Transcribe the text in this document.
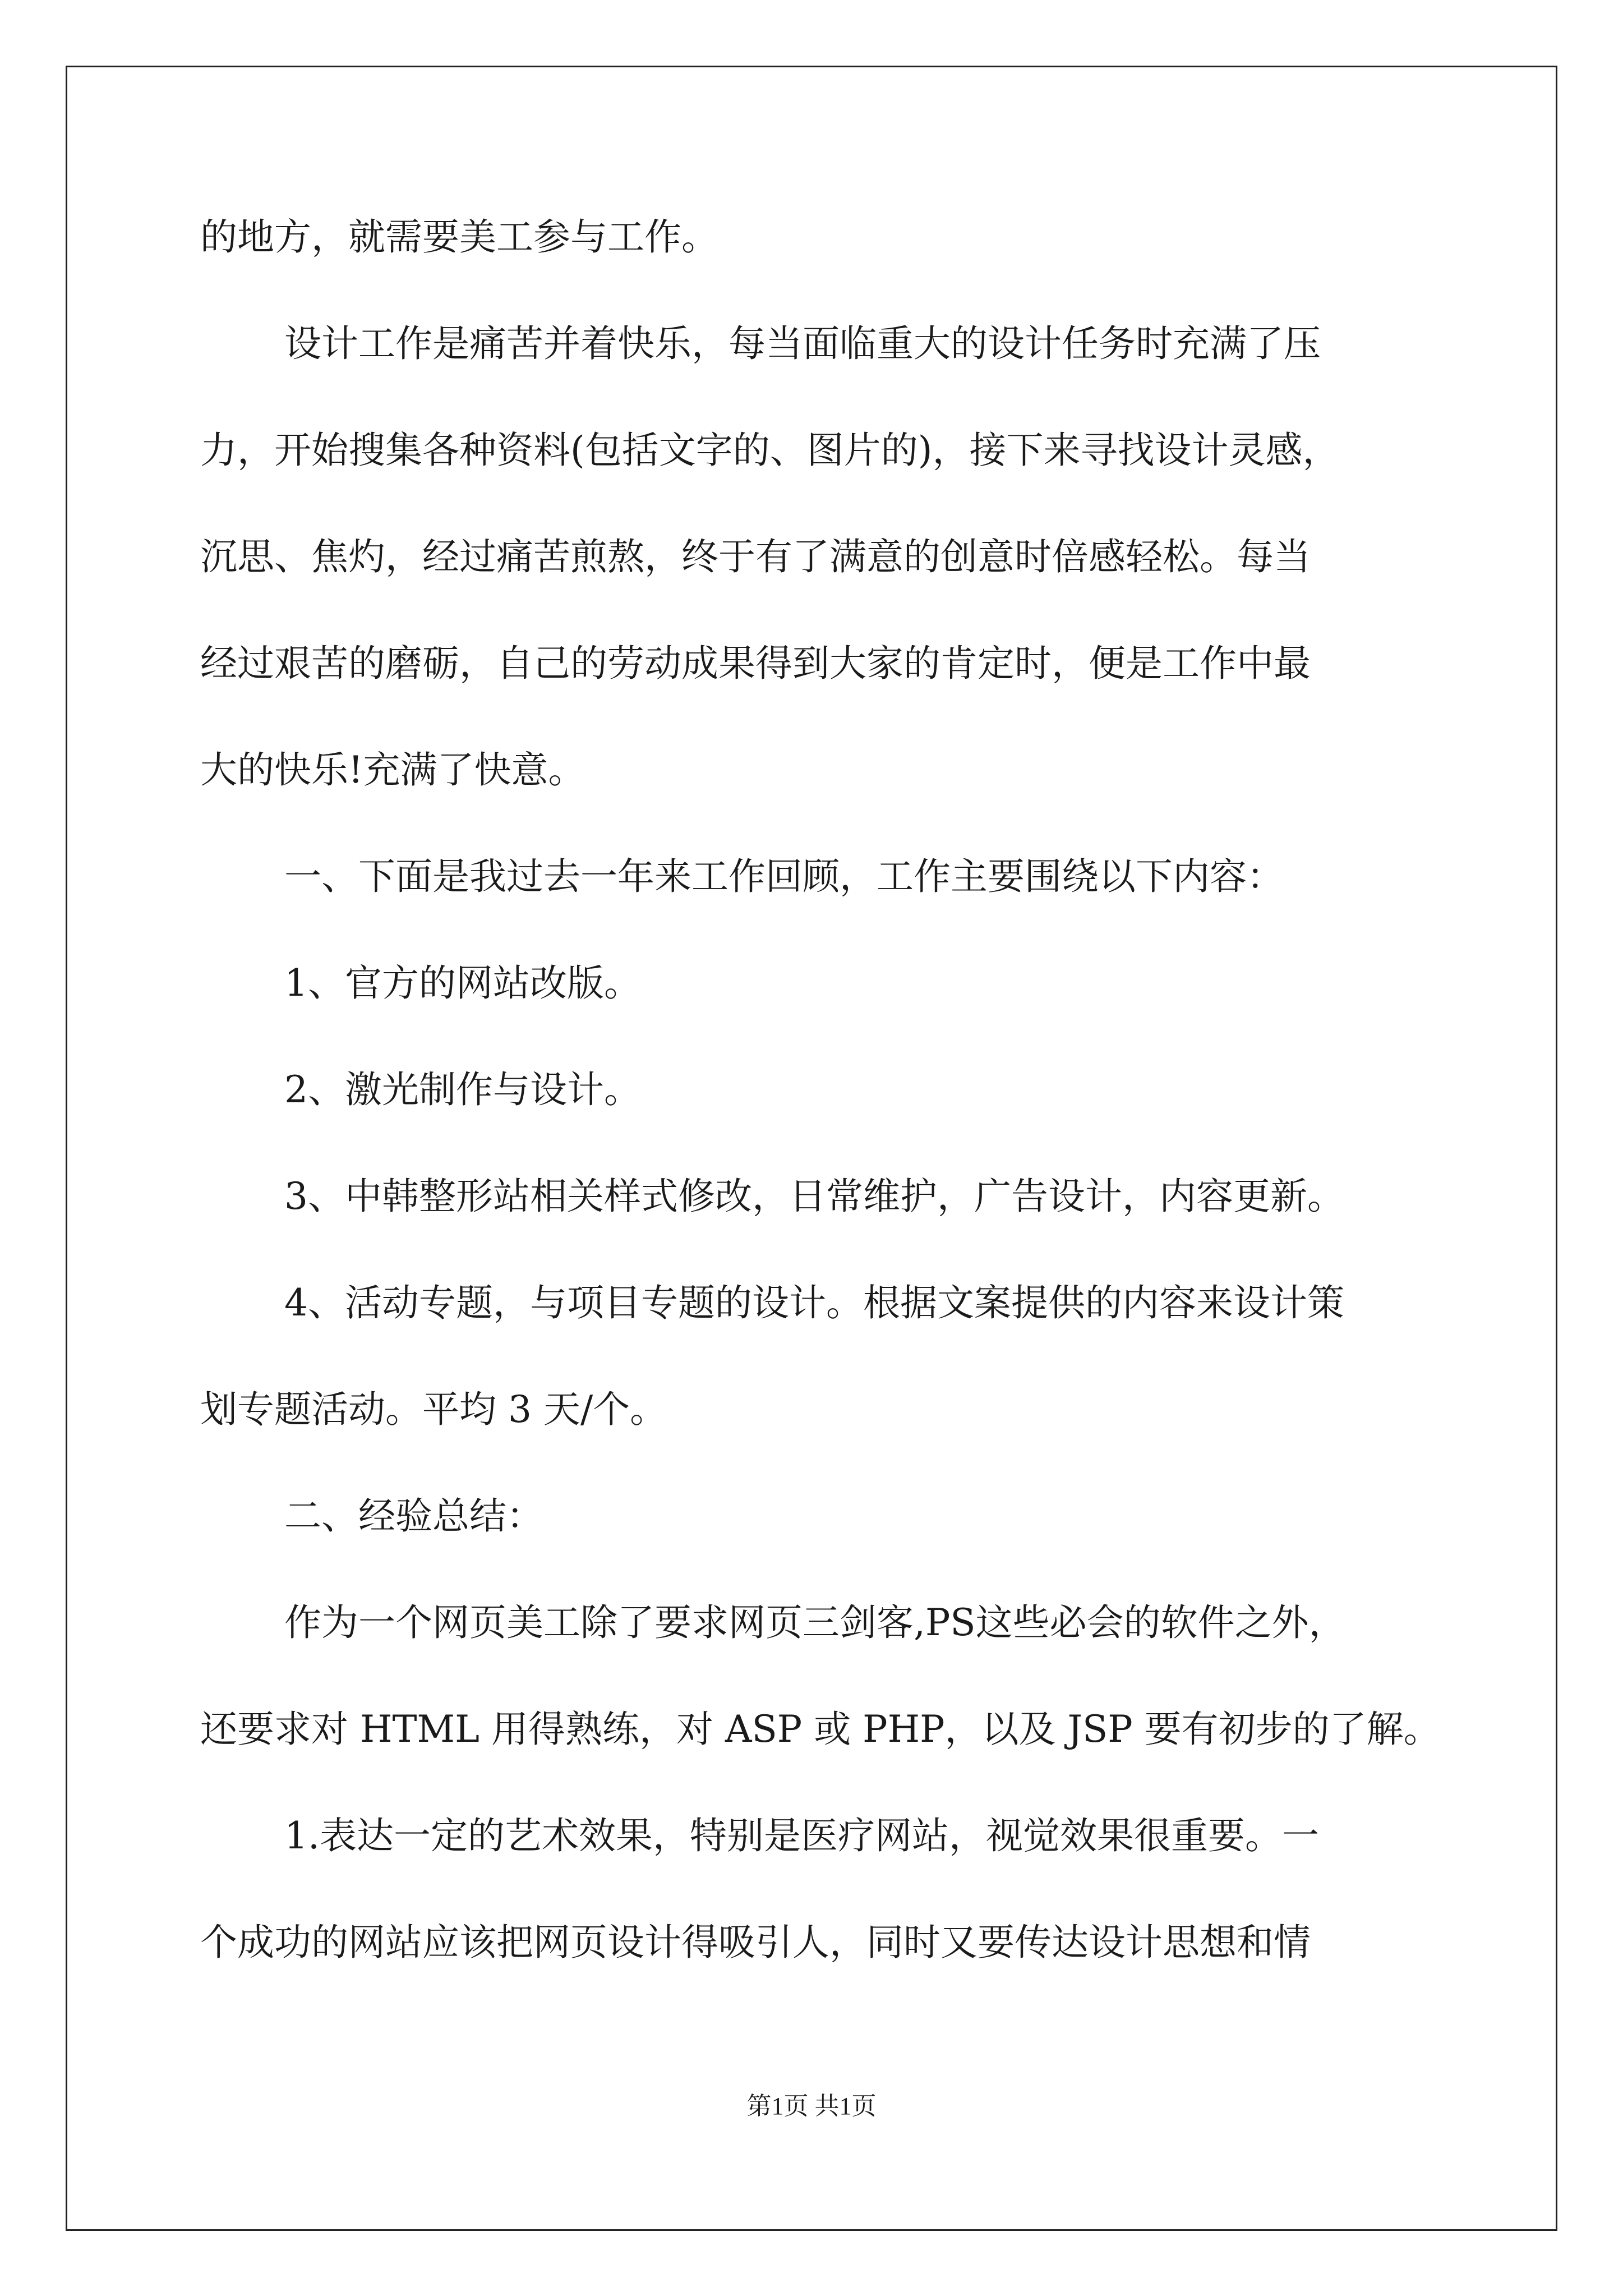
的地方，就需要美工参与工作。

设计工作是痛苦并着快乐，每当面临重大的设计任务时充满了压

力，开始搜集各种资料(包括文字的、图片的)，接下来寻找设计灵感，

沉思、焦灼，经过痛苦煎熬，终于有了满意的创意时倍感轻松。每当

经过艰苦的磨砺，自己的劳动成果得到大家的肯定时，便是工作中最

大的快乐!充满了快意。

一、下面是我过去一年来工作回顾，工作主要围绕以下内容：

1、官方的网站改版。

2、激光制作与设计。

3、中韩整形站相关样式修改，日常维护，广告设计，内容更新。

4、活动专题，与项目专题的设计。根据文案提供的内容来设计策

划专题活动。平均 3 天/个。

二、经验总结：

作为一个网页美工除了要求网页三剑客,PS这些必会的软件之外，

还要求对 HTML 用得熟练，对 ASP 或 PHP，以及 JSP 要有初步的了解。

1.表达一定的艺术效果，特别是医疗网站，视觉效果很重要。一

个成功的网站应该把网页设计得吸引人，同时又要传达设计思想和情

第1页 共1页
